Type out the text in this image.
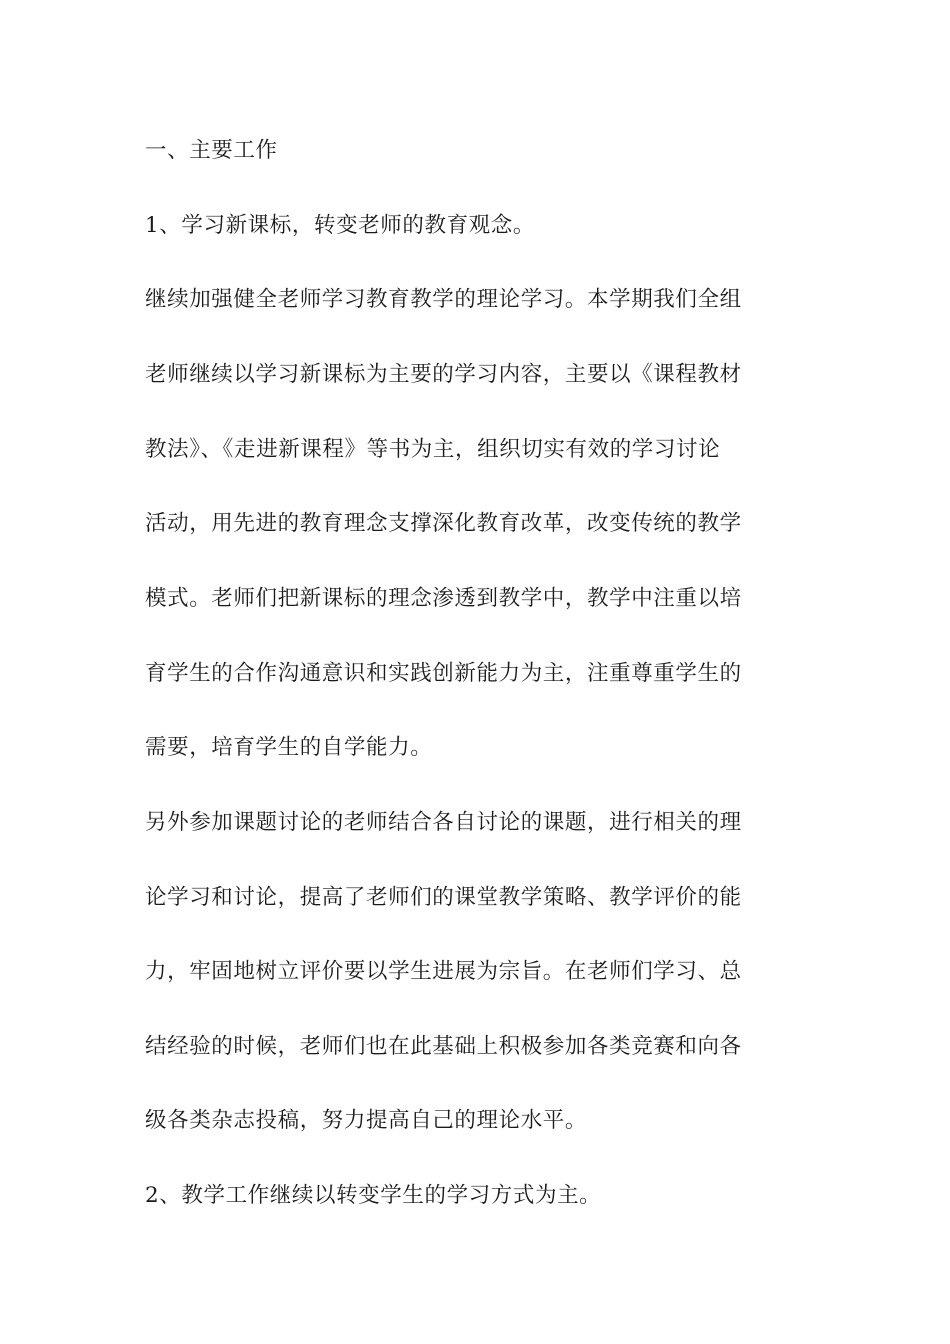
一、主要工作

1、学习新课标，转变老师的教育观念。

继续加强健全老师学习教育教学的理论学习。本学期我们全组

老师继续以学习新课标为主要的学习内容，主要以《课程教材

教法》、《走进新课程》等书为主，组织切实有效的学习讨论

活动，用先进的教育理念支撑深化教育改革，改变传统的教学

模式。老师们把新课标的理念渗透到教学中，教学中注重以培

育学生的合作沟通意识和实践创新能力为主，注重尊重学生的

需要，培育学生的自学能力。

另外参加课题讨论的老师结合各自讨论的课题，进行相关的理

论学习和讨论，提高了老师们的课堂教学策略、教学评价的能

力，牢固地树立评价要以学生进展为宗旨。在老师们学习、总

结经验的时候，老师们也在此基础上积极参加各类竞赛和向各

级各类杂志投稿，努力提高自己的理论水平。

2、教学工作继续以转变学生的学习方式为主。
